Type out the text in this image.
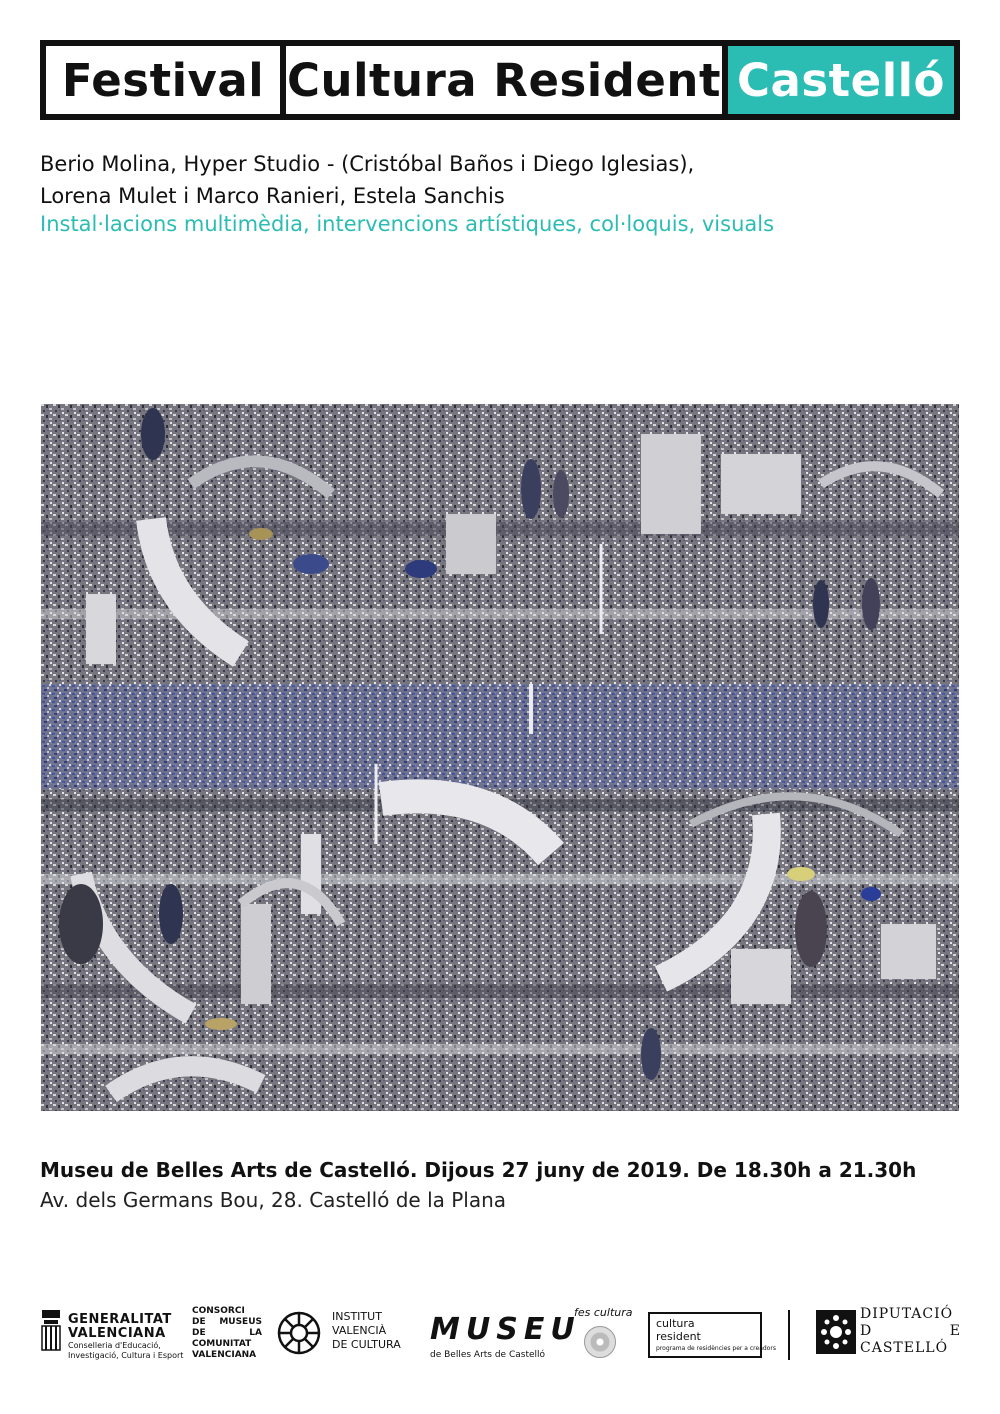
Festival Cultura Resident Castelló
Berio Molina, Hyper Studio - (Cristóbal Baños i Diego Iglesias),
Lorena Mulet i Marco Ranieri, Estela Sanchis
Instal·lacions multimèdia, intervencions artístiques, col·loquis, visuals
Museu de Belles Arts de Castelló. Dijous 27 juny de 2019. De 18.30h a 21.30h
Av. dels Germans Bou, 28. Castelló de la Plana
GENERALITAT
VALENCIANA
Conselleria d'Educació,
Investigació, Cultura i Esport
CONSORCI
DE MUSEUS
DE	LA
COMUNITAT
VALENCIANA
INSTITUT
VALENCIÀ
DE CULTURA MUSEU
de Belles Arts de Castelló
fes cultura
cultura
resident
programa de residències per a creadors
DIPUTACIÓ
D	E
CASTELLÓ
